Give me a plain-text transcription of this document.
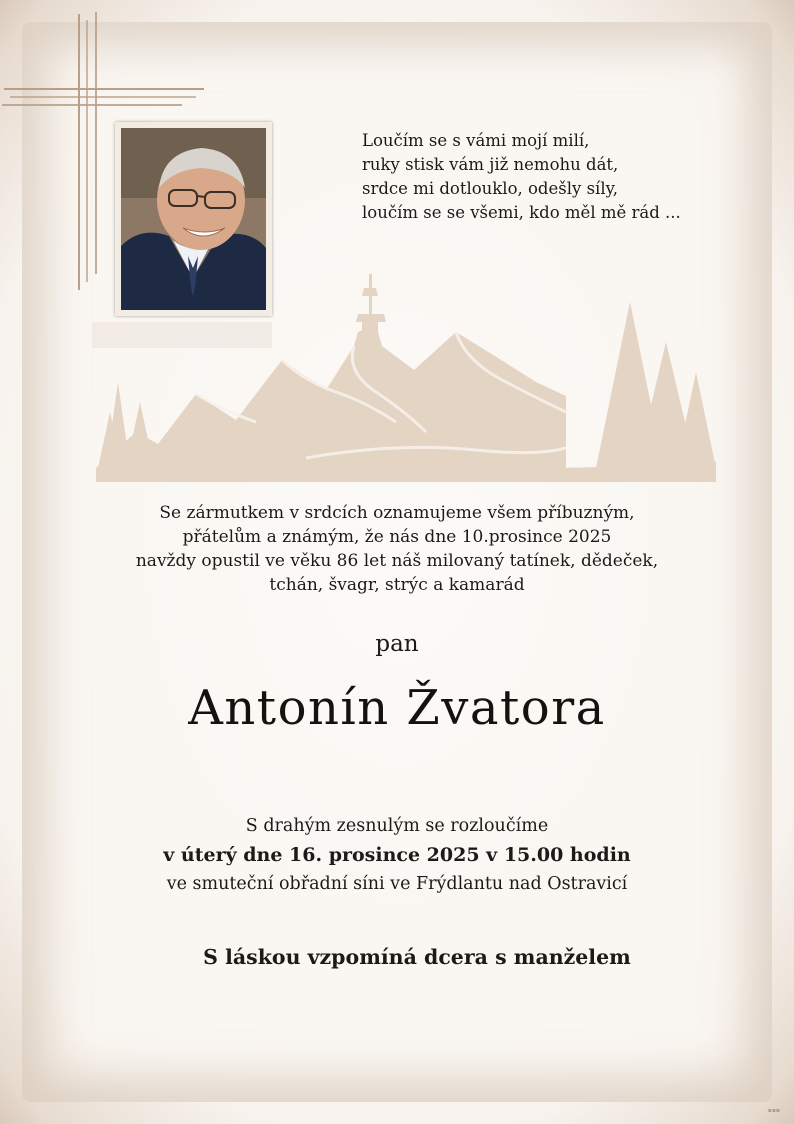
Loučím se s vámi mojí milí,
ruky stisk vám již nemohu dát,
srdce mi dotlouklo, odešly síly,
loučím se se všemi, kdo měl mě rád ...
Se zármutkem v srdcích oznamujeme všem příbuzným,
přátelům a známým, že nás dne 10.prosince 2025
navždy opustil ve věku 86 let náš milovaný tatínek, dědeček,
tchán, švagr, strýc a kamarád
pan
Antonín Žvatora
S drahým zesnulým se rozloučíme
v úterý dne 16. prosince 2025 v 15.00 hodin
ve smuteční obřadní síni ve Frýdlantu nad Ostravicí
S láskou vzpomíná dcera s manželem
▪▪▪
